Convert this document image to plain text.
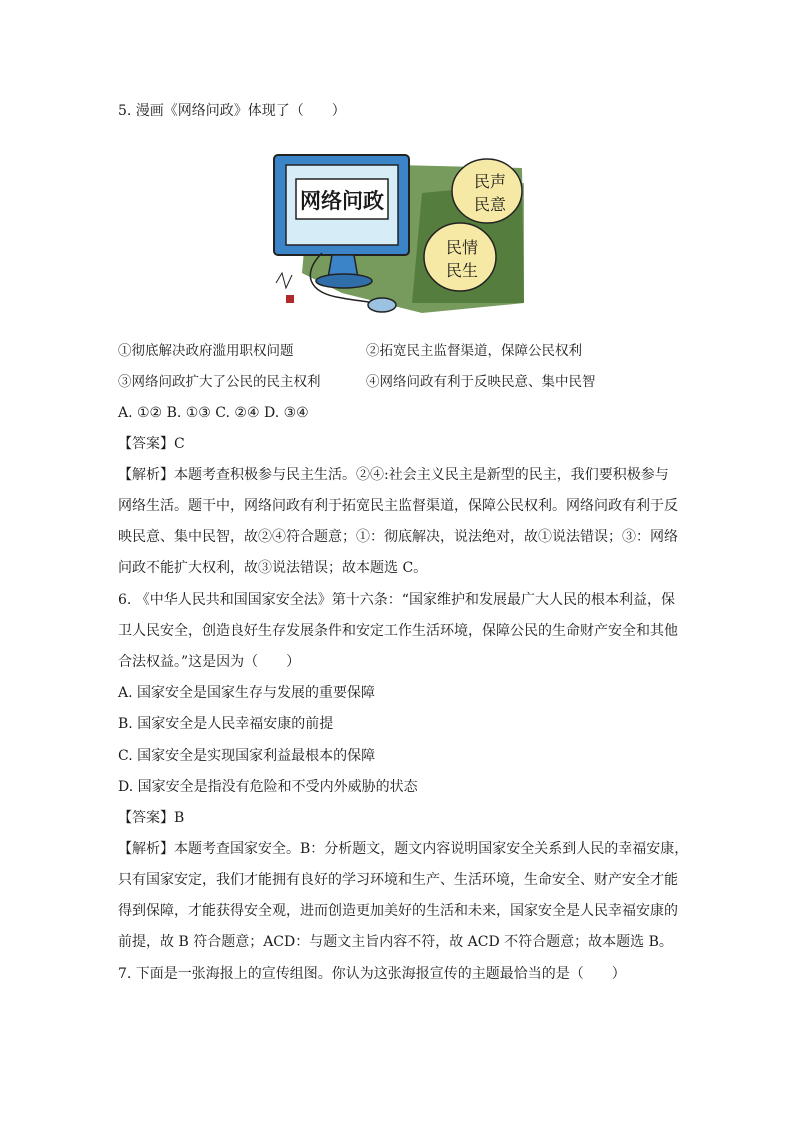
5. 漫画《网络问政》体现了（　　）
网络问政
民声
民意
民情
民生
①彻底解决政府滥用职权问题	②拓宽民主监督渠道，保障公民权利
③网络问政扩大了公民的民主权利	④网络问政有利于反映民意、集中民智
A. ①② B. ①③ C. ②④ D. ③④
【答案】C
【解析】本题考查积极参与民主生活。②④:社会主义民主是新型的民主，我们要积极参与
网络生活。题干中，网络问政有利于拓宽民主监督渠道，保障公民权利。网络问政有利于反
映民意、集中民智，故②④符合题意；①：彻底解决，说法绝对，故①说法错误；③：网络
问政不能扩大权利，故③说法错误；故本题选 C。
6. 《中华人民共和国国家安全法》第十六条：“国家维护和发展最广大人民的根本利益，保
卫人民安全，创造良好生存发展条件和安定工作生活环境，保障公民的生命财产安全和其他
合法权益。”这是因为（　　）
A. 国家安全是国家生存与发展的重要保障
B. 国家安全是人民幸福安康的前提
C. 国家安全是实现国家利益最根本的保障
D. 国家安全是指没有危险和不受内外威胁的状态
【答案】B
【解析】本题考查国家安全。B：分析题文，题文内容说明国家安全关系到人民的幸福安康，
只有国家安定，我们才能拥有良好的学习环境和生产、生活环境，生命安全、财产安全才能
得到保障，才能获得安全观，进而创造更加美好的生活和未来，国家安全是人民幸福安康的
前提，故 B 符合题意；ACD：与题文主旨内容不符，故 ACD 不符合题意；故本题选 B。
7. 下面是一张海报上的宣传组图。你认为这张海报宣传的主题最恰当的是（　　）
